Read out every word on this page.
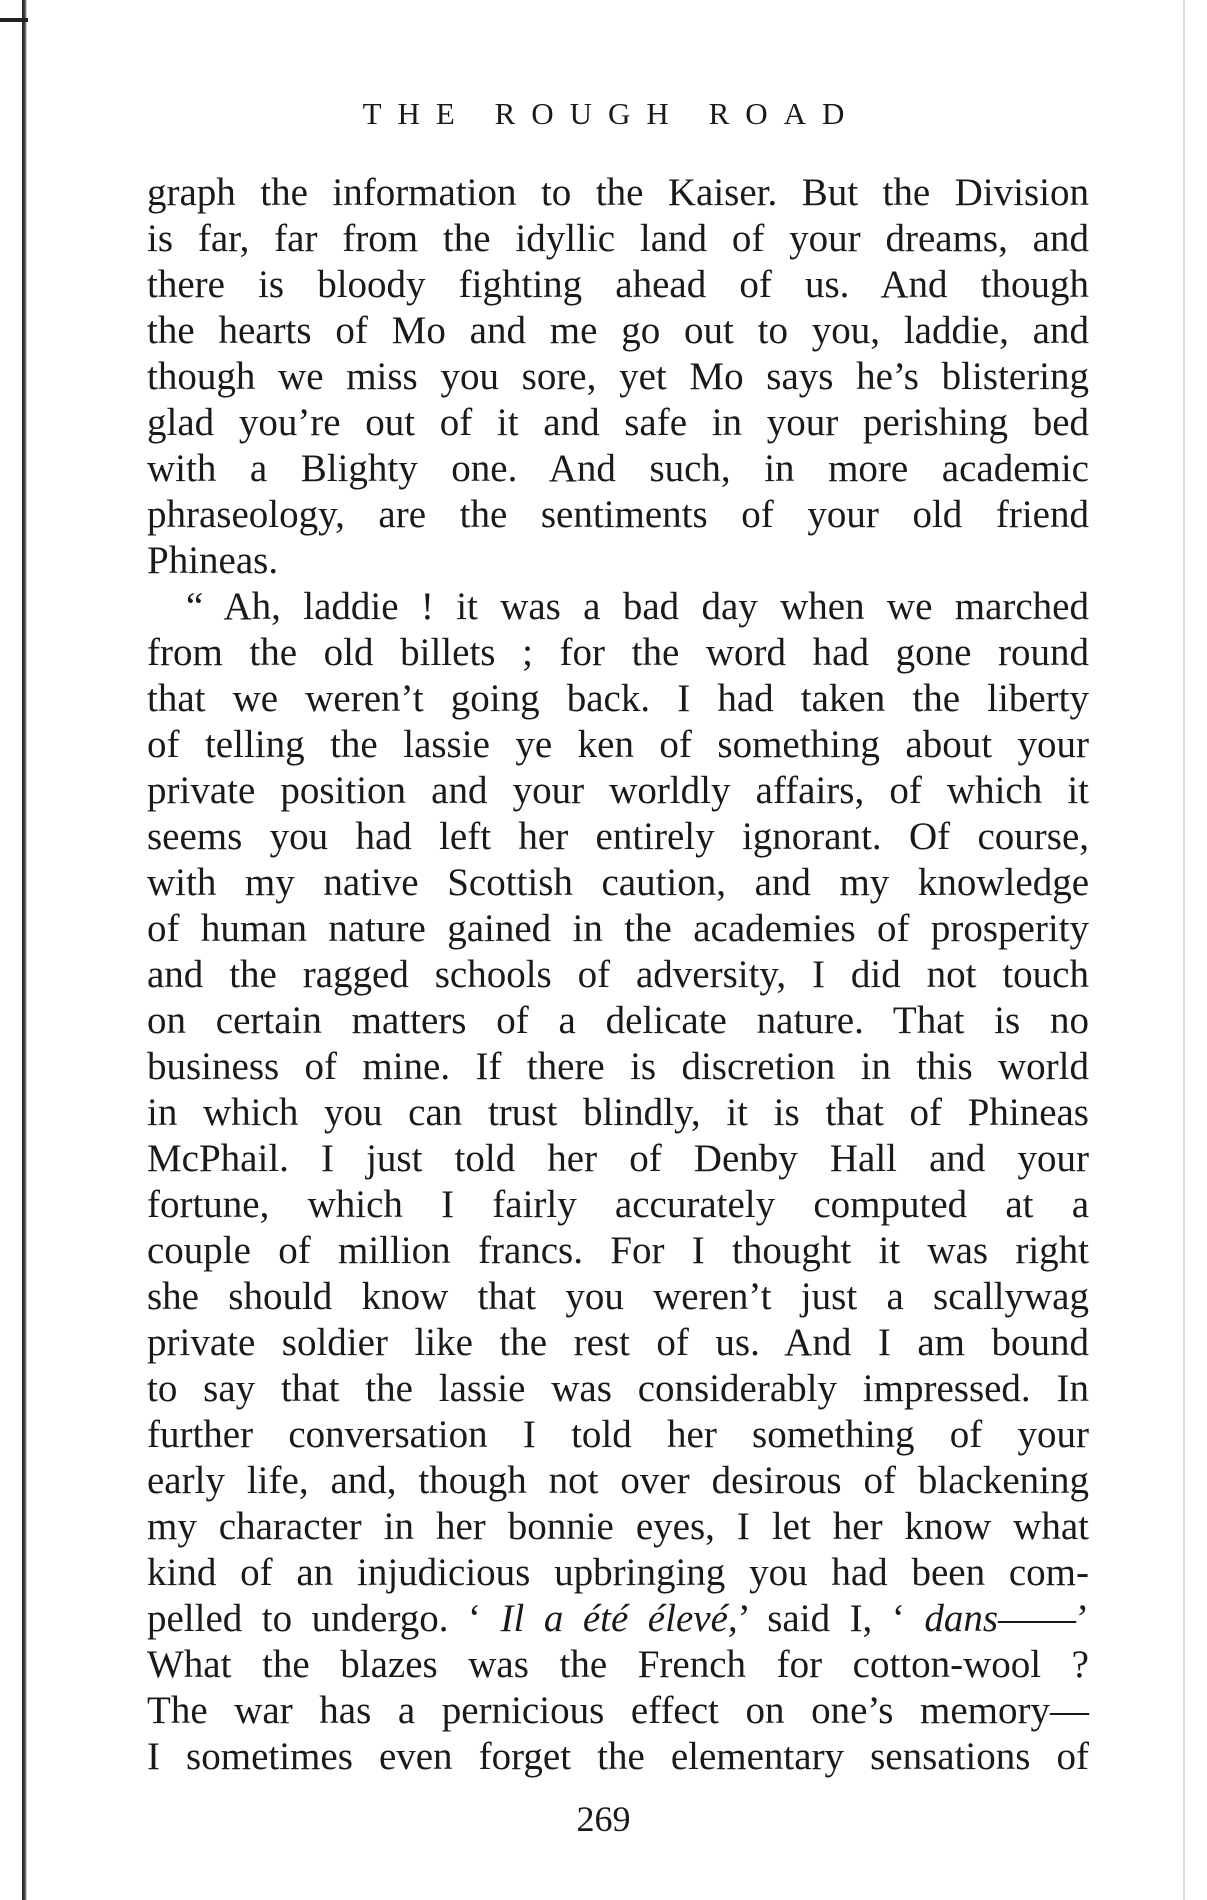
THE ROUGH ROAD
graph the information to the Kaiser. But the Division
is far, far from the idyllic land of your dreams, and
there is bloody fighting ahead of us. And though
the hearts of Mo and me go out to you, laddie, and
though we miss you sore, yet Mo says he’s blistering
glad you’re out of it and safe in your perishing bed
with a Blighty one. And such, in more academic
phraseology, are the sentiments of your old friend
Phineas.
“ Ah, laddie ! it was a bad day when we marched
from the old billets ; for the word had gone round
that we weren’t going back. I had taken the liberty
of telling the lassie ye ken of something about your
private position and your worldly affairs, of which it
seems you had left her entirely ignorant. Of course,
with my native Scottish caution, and my knowledge
of human nature gained in the academies of prosperity
and the ragged schools of adversity, I did not touch
on certain matters of a delicate nature. That is no
business of mine. If there is discretion in this world
in which you can trust blindly, it is that of Phineas
McPhail. I just told her of Denby Hall and your
fortune, which I fairly accurately computed at a
couple of million francs. For I thought it was right
she should know that you weren’t just a scallywag
private soldier like the rest of us. And I am bound
to say that the lassie was considerably impressed. In
further conversation I told her something of your
early life, and, though not over desirous of blackening
my character in her bonnie eyes, I let her know what
kind of an injudicious upbringing you had been com-
pelled to undergo. ‘ Il a été élevé,’ said I, ‘ dans——’
What the blazes was the French for cotton-wool ?
The war has a pernicious effect on one’s memory—
I sometimes even forget the elementary sensations of
269
